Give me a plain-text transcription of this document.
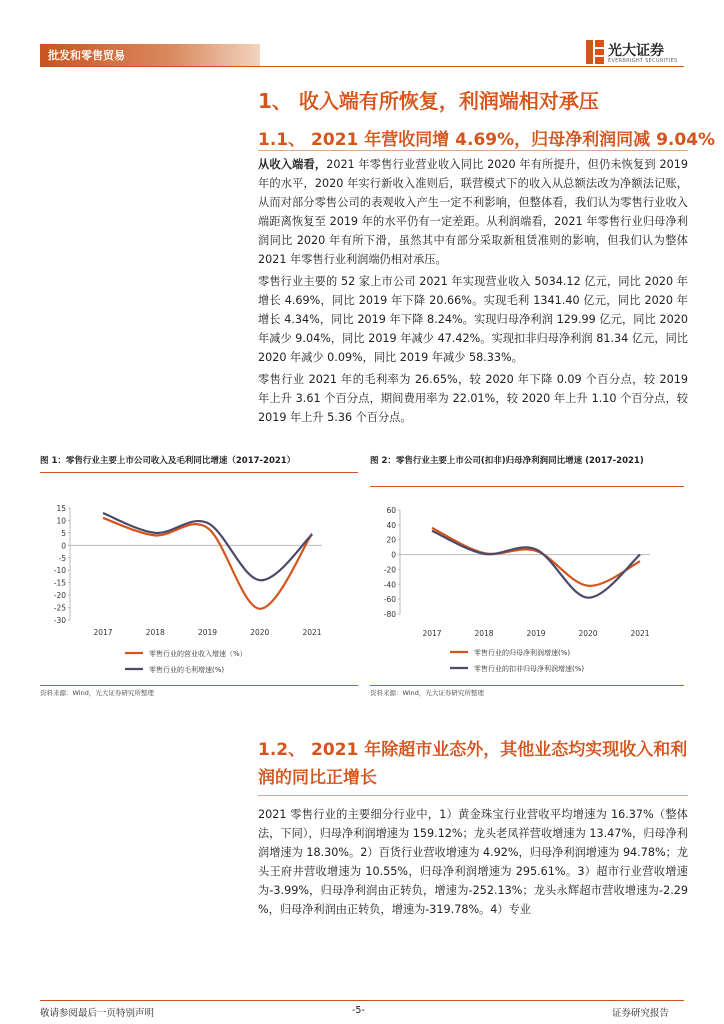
批发和零售贸易	光大证券
EVERBRIGHT SECURITIES
1、 收入端有所恢复，利润端相对承压
1.1、 2021 年营收同增 4.69%，归母净利润同减 9.04%

从收入端看，2021 年零售行业营业收入同比 2020 年有所提升，但仍未恢复到 2019 年的水平，2020 年实行新收入准则后，联营模式下的收入从总额法改为净额法记账，从而对部分零售公司的表观收入产生一定不利影响，但整体看，我们认为零售行业收入端距离恢复至 2019 年的水平仍有一定差距。从利润端看，2021 年零售行业归母净利润同比 2020 年有所下滑，虽然其中有部分采取新租赁准则的影响，但我们认为整体 2021 年零售行业利润端仍相对承压。

零售行业主要的 52 家上市公司 2021 年实现营业收入 5034.12 亿元，同比 2020 年增长 4.69%，同比 2019 年下降 20.66%。实现毛利 1341.40 亿元，同比 2020 年增长 4.34%，同比 2019 年下降 8.24%。实现归母净利润 129.99 亿元，同比 2020 年减少 9.04%，同比 2019 年减少 47.42%。实现扣非归母净利润 81.34 亿元，同比 2020 年减少 0.09%，同比 2019 年减少 58.33%。

零售行业 2021 年的毛利率为 26.65%，较 2020 年下降 0.09 个百分点，较 2019 年上升 3.61 个百分点，期间费用率为 22.01%，较 2020 年上升 1.10 个百分点，较 2019 年上升 5.36 个百分点。

图 1：零售行业主要上市公司收入及毛利同比增速（2017-2021）
15
10
5
0
-5
-10
-15
-20
-25
-30
2017	2018	2019	2020	2021
零售行业的营业收入增速（%）
零售行业的毛利增速(%)
资料来源：Wind，光大证券研究所整理
图 2：零售行业主要上市公司(扣非)归母净利润同比增速 (2017-2021)
60
40
20
0
-20
-40
-60
-80
2017	2018	2019	2020	2021
零售行业的归母净利润增速(%)
零售行业的扣非归母净利润增速(%)
资料来源：Wind，光大证券研究所整理
1.2、 2021 年除超市业态外，其他业态均实现收入和利润的同比正增长

2021 零售行业的主要细分行业中，1）黄金珠宝行业营收平均增速为 16.37%（整体法，下同），归母净利润增速为 159.12%；龙头老凤祥营收增速为 13.47%，归母净利润增速为 18.30%。2）百货行业营收增速为 4.92%，归母净利润增速为 94.78%；龙头王府井营收增速为 10.55%，归母净利润增速为 295.61%。3）超市行业营收增速为-3.99%，归母净利润由正转负，增速为-252.13%；龙头永辉超市营收增速为-2.29 %，归母净利润由正转负，增速为-319.78%。4）专业

敬请参阅最后一页特别声明	-5-	证券研究报告
